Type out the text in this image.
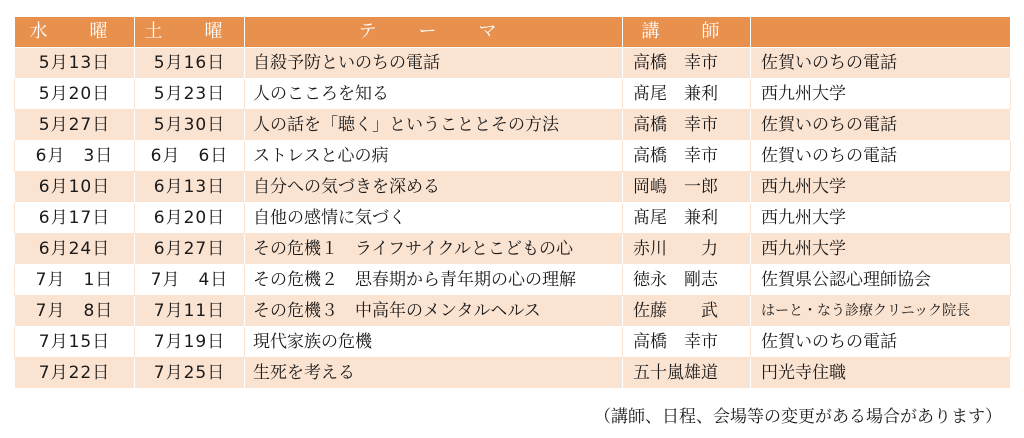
水　曜	土　曜	テ　ー　マ	講　師	
5月13日	5月16日	自殺予防といのちの電話	高橋　幸市	佐賀いのちの電話
5月20日	5月23日	人のこころを知る	髙尾　兼利	西九州大学
5月27日	5月30日	人の話を「聴く」ということとその方法	高橋　幸市	佐賀いのちの電話
6月　3日	6月　6日	ストレスと心の病	高橋　幸市	佐賀いのちの電話
6月10日	6月13日	自分への気づきを深める	岡嶋　一郎	西九州大学
6月17日	6月20日	自他の感情に気づく	髙尾　兼利	西九州大学
6月24日	6月27日	その危機１　ライフサイクルとこどもの心	赤川　　力	西九州大学
7月　1日	7月　4日	その危機２　思春期から青年期の心の理解	徳永　剛志	佐賀県公認心理師協会
7月　8日	7月11日	その危機３　中高年のメンタルヘルス	佐藤　　武	はーと・なう診療クリニック院長
7月15日	7月19日	現代家族の危機	高橋　幸市	佐賀いのちの電話
7月22日	7月25日	生死を考える	五十嵐雄道	円光寺住職
（講師、日程、会場等の変更がある場合があります）
